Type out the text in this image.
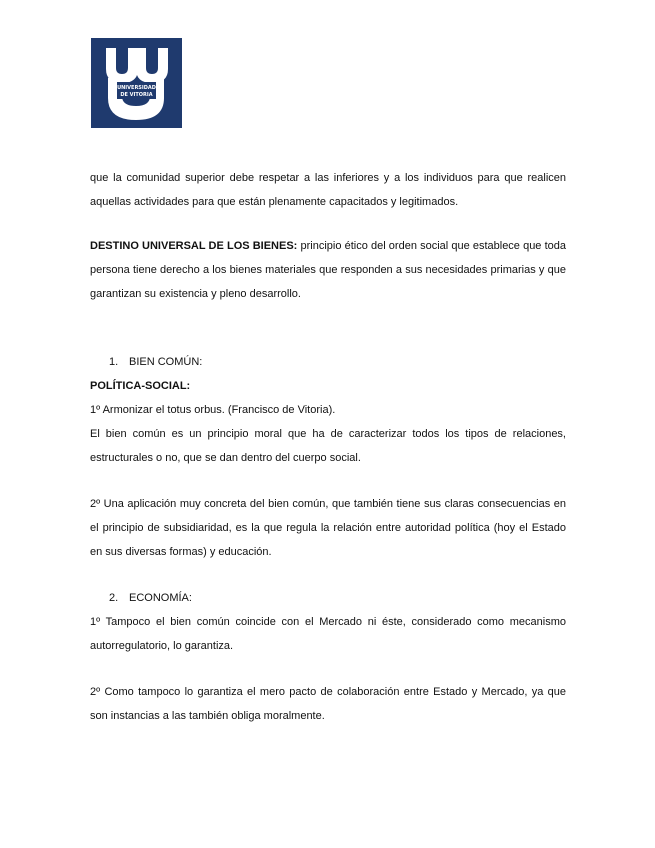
UNIVERSIDAD
DE VITORIA

que la comunidad superior debe respetar a las inferiores y a los individuos para que realicen aquellas actividades para que están plenamente capacitados y legitimados.

DESTINO UNIVERSAL DE LOS BIENES: principio ético del orden social que establece que toda persona tiene derecho a los bienes materiales que responden a sus necesidades primarias y que garantizan su existencia y pleno desarrollo.

1. BIEN COMÚN:

POLÍTICA-SOCIAL:

1º Armonizar el totus orbus. (Francisco de Vitoria).

El bien común es un principio moral que ha de caracterizar todos los tipos de relaciones, estructurales o no, que se dan dentro del cuerpo social.

2º Una aplicación muy concreta del bien común, que también tiene sus claras consecuencias en el principio de subsidiaridad, es la que regula la relación entre autoridad política (hoy el Estado en sus diversas formas) y educación.

2. ECONOMÍA:

1º Tampoco el bien común coincide con el Mercado ni éste, considerado como mecanismo autorregulatorio, lo garantiza.

2º Como tampoco lo garantiza el mero pacto de colaboración entre Estado y Mercado, ya que son instancias a las también obliga moralmente.
